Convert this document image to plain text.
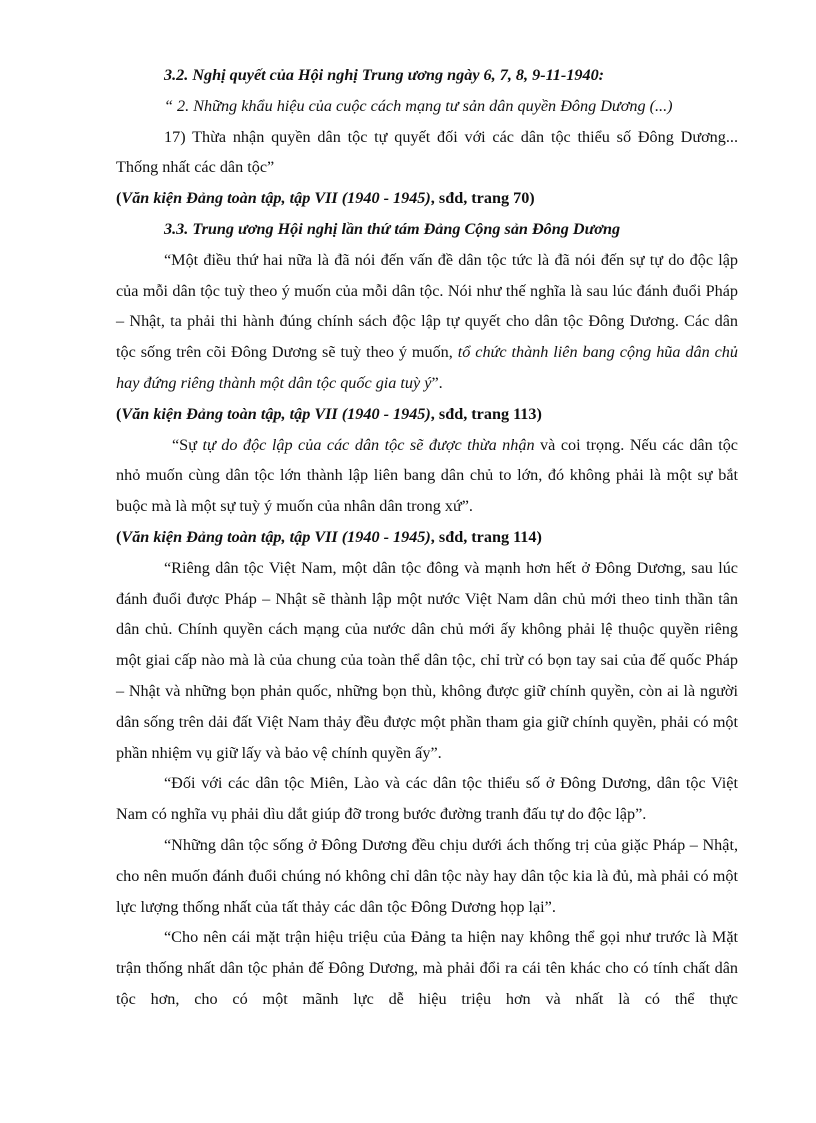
3.2. Nghị quyết của Hội nghị Trung ương ngày 6, 7, 8, 9-11-1940:

“ 2. Những khẩu hiệu của cuộc cách mạng tư sản dân quyền Đông Dương (...)

17) Thừa nhận quyền dân tộc tự quyết đối với các dân tộc thiểu số Đông Dương... Thống nhất các dân tộc”

(Văn kiện Đảng toàn tập, tập VII (1940 - 1945), sđd, trang 70)

3.3. Trung ương Hội nghị lần thứ tám Đảng Cộng sản Đông Dương

“Một điều thứ hai nữa là đã nói đến vấn đề dân tộc tức là đã nói đến sự tự do độc lập của mỗi dân tộc tuỳ theo ý muốn của mỗi dân tộc. Nói như thế nghĩa là sau lúc đánh đuổi Pháp – Nhật, ta phải thi hành đúng chính sách độc lập tự quyết cho dân tộc Đông Dương. Các dân tộc sống trên cõi Đông Dương sẽ tuỳ theo ý muốn, tổ chức thành liên bang cộng hũa dân chủ hay đứng riêng thành một dân tộc quốc gia tuỳ ý”.

(Văn kiện Đảng toàn tập, tập VII (1940 - 1945), sđd, trang 113)

“Sự tự do độc lập của các dân tộc sẽ được thừa nhận và coi trọng. Nếu các dân tộc nhỏ muốn cùng dân tộc lớn thành lập liên bang dân chủ to lớn, đó không phải là một sự bắt buộc mà là một sự tuỳ ý muốn của nhân dân trong xứ”.

(Văn kiện Đảng toàn tập, tập VII (1940 - 1945), sđd, trang 114)

“Riêng dân tộc Việt Nam, một dân tộc đông và mạnh hơn hết ở Đông Dương, sau lúc đánh đuổi được Pháp – Nhật sẽ thành lập một nước Việt Nam dân chủ mới theo tinh thần tân dân chủ. Chính quyền cách mạng của nước dân chủ mới ấy không phải lệ thuộc quyền riêng một giai cấp nào mà là của chung của toàn thể dân tộc, chỉ trừ có bọn tay sai của đế quốc Pháp – Nhật và những bọn phản quốc, những bọn thù, không được giữ chính quyền, còn ai là người dân sống trên dải đất Việt Nam thảy đều được một phần tham gia giữ chính quyền, phải có một phần nhiệm vụ giữ lấy và bảo vệ chính quyền ấy”.

“Đối với các dân tộc Miên, Lào và các dân tộc thiểu số ở Đông Dương, dân tộc Việt Nam có nghĩa vụ phải dìu dắt giúp đỡ trong bước đường tranh đấu tự do độc lập”.

“Những dân tộc sống ở Đông Dương đều chịu dưới ách thống trị của giặc Pháp – Nhật, cho nên muốn đánh đuổi chúng nó không chỉ dân tộc này hay dân tộc kia là đủ, mà phải có một lực lượng thống nhất của tất thảy các dân tộc Đông Dương họp lại”.

“Cho nên cái mặt trận hiệu triệu của Đảng ta hiện nay không thể gọi như trước là Mặt trận thống nhất dân tộc phản đế Đông Dương, mà phải đổi ra cái tên khác cho có tính chất dân tộc hơn, cho có một mãnh lực dễ hiệu triệu hơn và nhất là có thể thực
